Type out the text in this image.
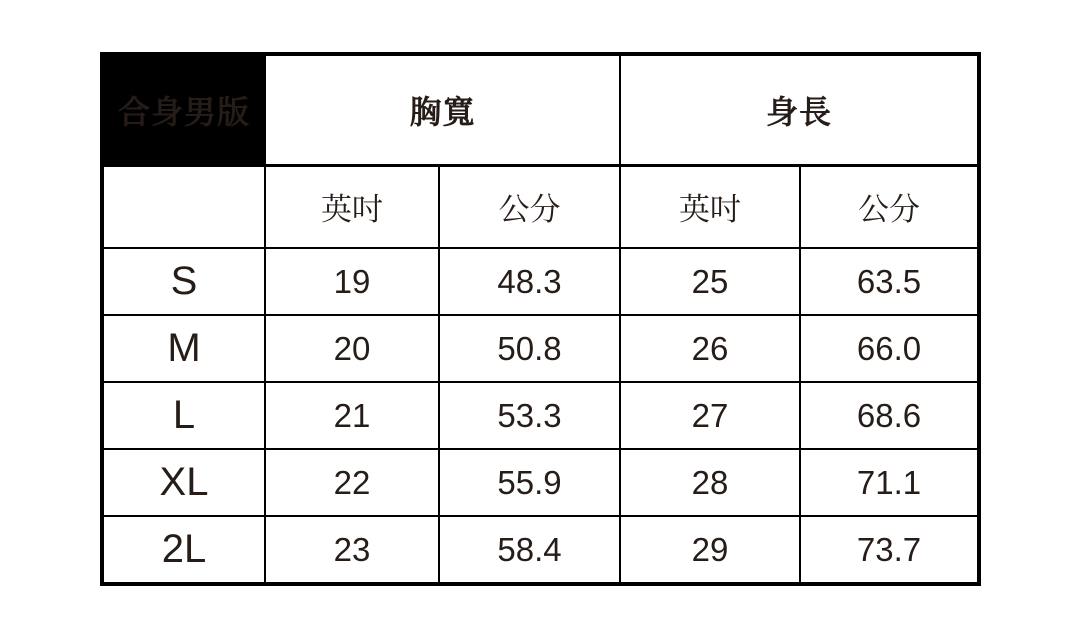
合身男版	胸寬		身長	
	英吋	公分	英吋	公分
S	19	48.3	25	63.5
M	20	50.8	26	66.0
L	21	53.3	27	68.6
XL	22	55.9	28	71.1
2L	23	58.4	29	73.7
